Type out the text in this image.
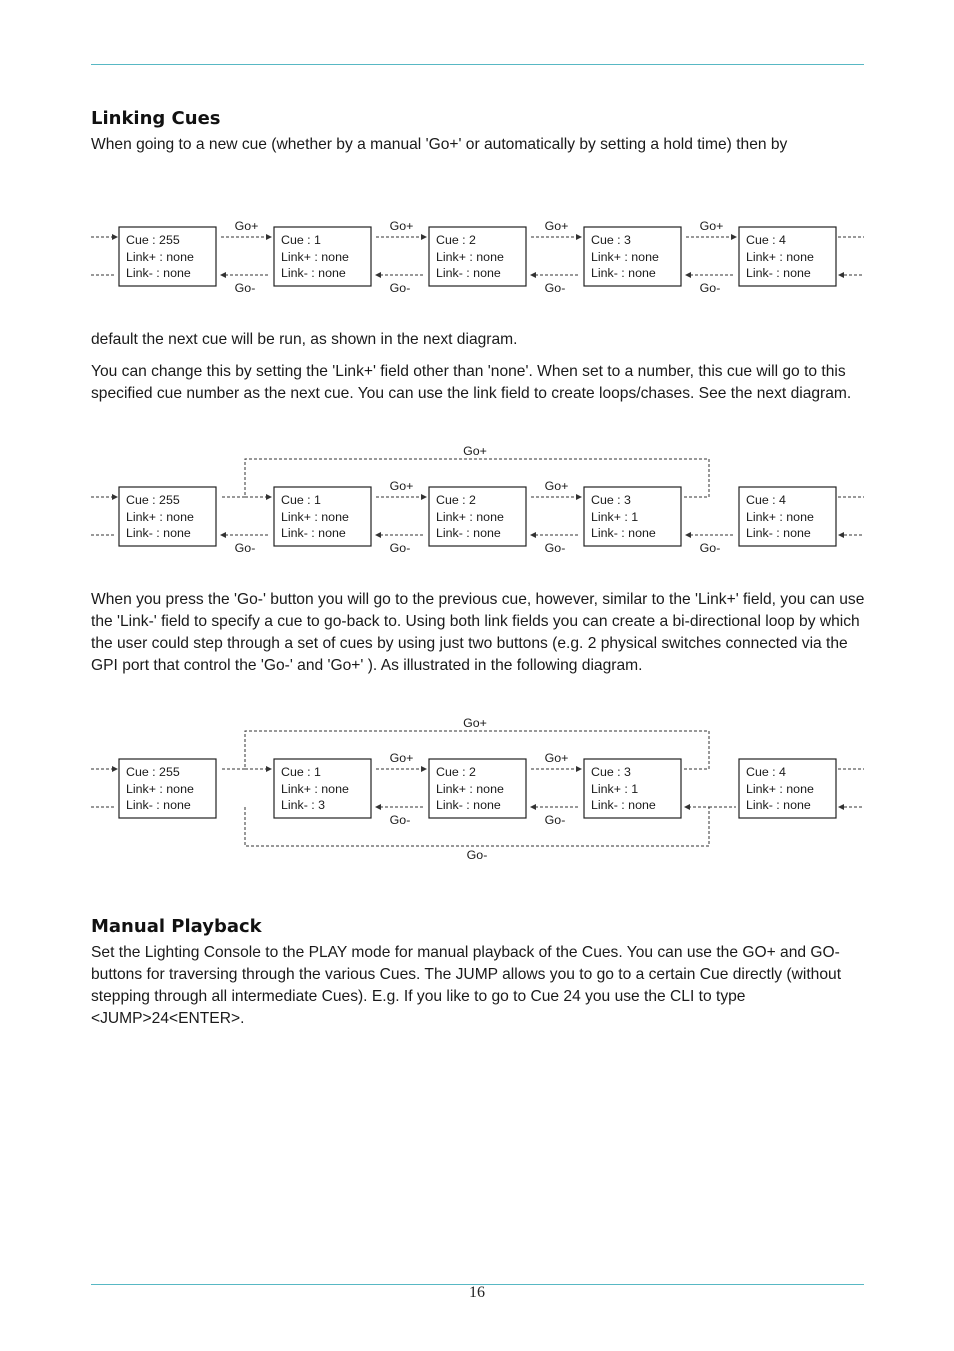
Linking Cues

When going to a new cue (whether by a manual 'Go+' or automatically by setting a hold time) then by

Cue : 255
Link+ : none
Link- : none
Cue : 1
Link+ : none
Link- : none
Cue : 2
Link+ : none
Link- : none
Cue : 3
Link+ : none
Link- : none
Cue : 4
Link+ : none
Link- : none
Go+
Go-
Go+
Go-
Go+
Go-
Go+
Go-

default the next cue will be run, as shown in the next diagram.

You can change this by setting the 'Link+' field other than 'none'. When set to a number, this cue will go to this specified cue number as the next cue. You can use the link field to create loops/chases. See the next diagram.

Cue : 255
Link+ : none
Link- : none
Cue : 1
Link+ : none
Link- : none
Cue : 2
Link+ : none
Link- : none
Cue : 3
Link+ : 1
Link- : none
Cue : 4
Link+ : none
Link- : none
Go+
Go+	Go+
Go-	Go-	Go-	Go-

When you press the 'Go-' button you will go to the previous cue, however, similar to the 'Link+' field, you can use the 'Link-' field to specify a cue to go-back to. Using both link fields you can create a bi-directional loop by which the user could step through a set of cues by using just two buttons (e.g. 2 physical switches connected via the GPI port that control the 'Go-' and 'Go+' ). As illustrated in the following diagram.

Cue : 255
Link+ : none
Link- : none
Cue : 1
Link+ : none
Link- : 3
Cue : 2
Link+ : none
Link- : none
Cue : 3
Link+ : 1
Link- : none
Cue : 4
Link+ : none
Link- : none
Go+
Go+	Go+
Go-
Go-	Go-
Manual Playback

Set the Lighting Console to the PLAY mode for manual playback of the Cues. You can use the GO+ and GO- buttons for traversing through the various Cues. The JUMP allows you to go to a certain Cue directly (without stepping through all intermediate Cues). E.g. If you like to go to Cue 24 you use the CLI to type <JUMP>24<ENTER>.

16
